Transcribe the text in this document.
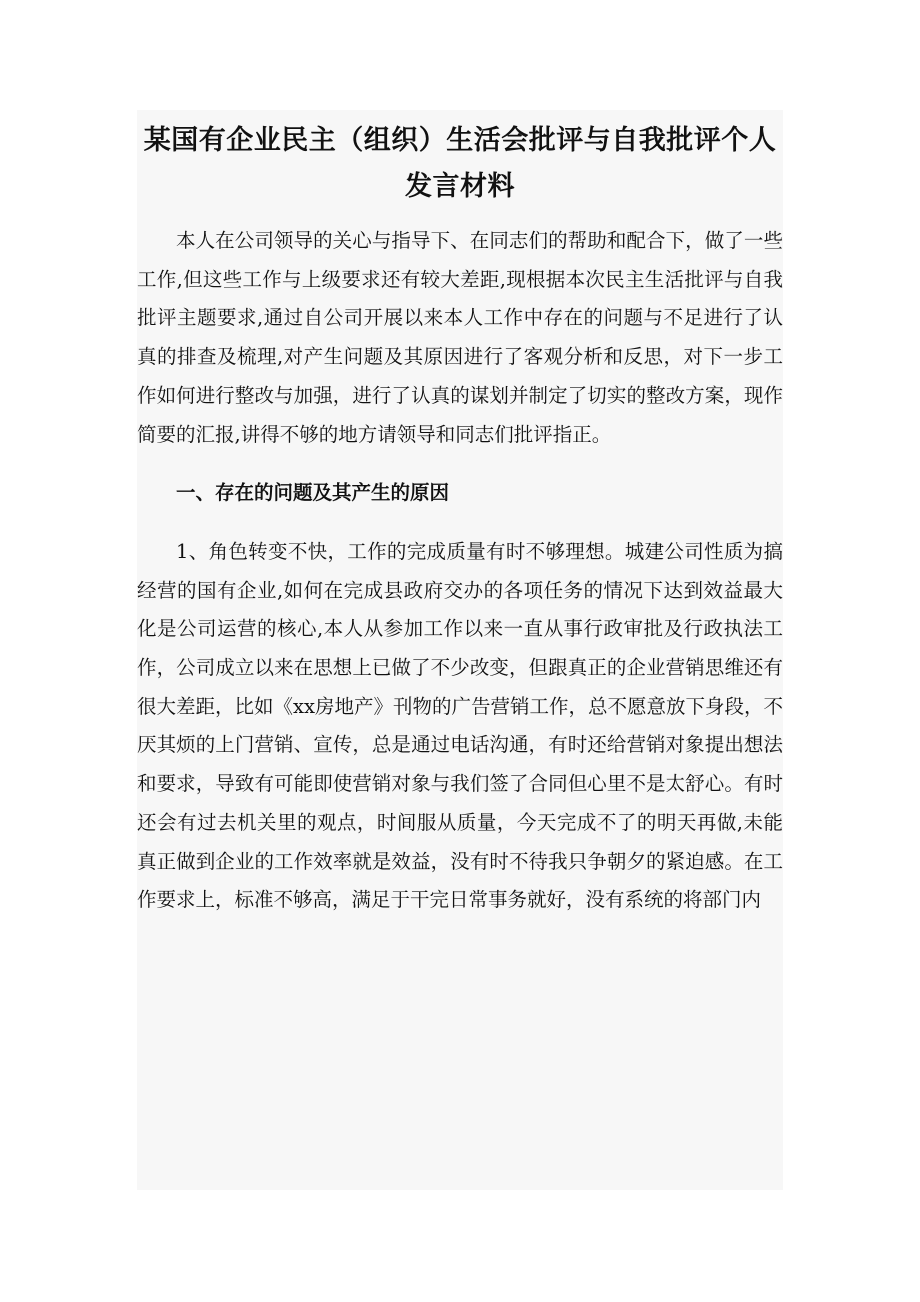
某国有企业民主（组织）生活会批评与自我批评个人发言材料

本人在公司领导的关心与指导下、在同志们的帮助和配合下，做了一些工作,但这些工作与上级要求还有较大差距,现根据本次民主生活批评与自我批评主题要求,通过自公司开展以来本人工作中存在的问题与不足进行了认真的排查及梳理,对产生问题及其原因进行了客观分析和反思，对下一步工作如何进行整改与加强，进行了认真的谋划并制定了切实的整改方案，现作简要的汇报,讲得不够的地方请领导和同志们批评指正。

一、存在的问题及其产生的原因

1、角色转变不快，工作的完成质量有时不够理想。城建公司性质为搞经营的国有企业,如何在完成县政府交办的各项任务的情况下达到效益最大化是公司运营的核心,本人从参加工作以来一直从事行政审批及行政执法工作，公司成立以来在思想上已做了不少改变，但跟真正的企业营销思维还有很大差距，比如《xx房地产》刊物的广告营销工作，总不愿意放下身段，不厌其烦的上门营销、宣传，总是通过电话沟通，有时还给营销对象提出想法和要求，导致有可能即使营销对象与我们签了合同但心里不是太舒心。有时还会有过去机关里的观点，时间服从质量，今天完成不了的明天再做,未能真正做到企业的工作效率就是效益，没有时不待我只争朝夕的紧迫感。在工作要求上，标准不够高，满足于干完日常事务就好，没有系统的将部门内
